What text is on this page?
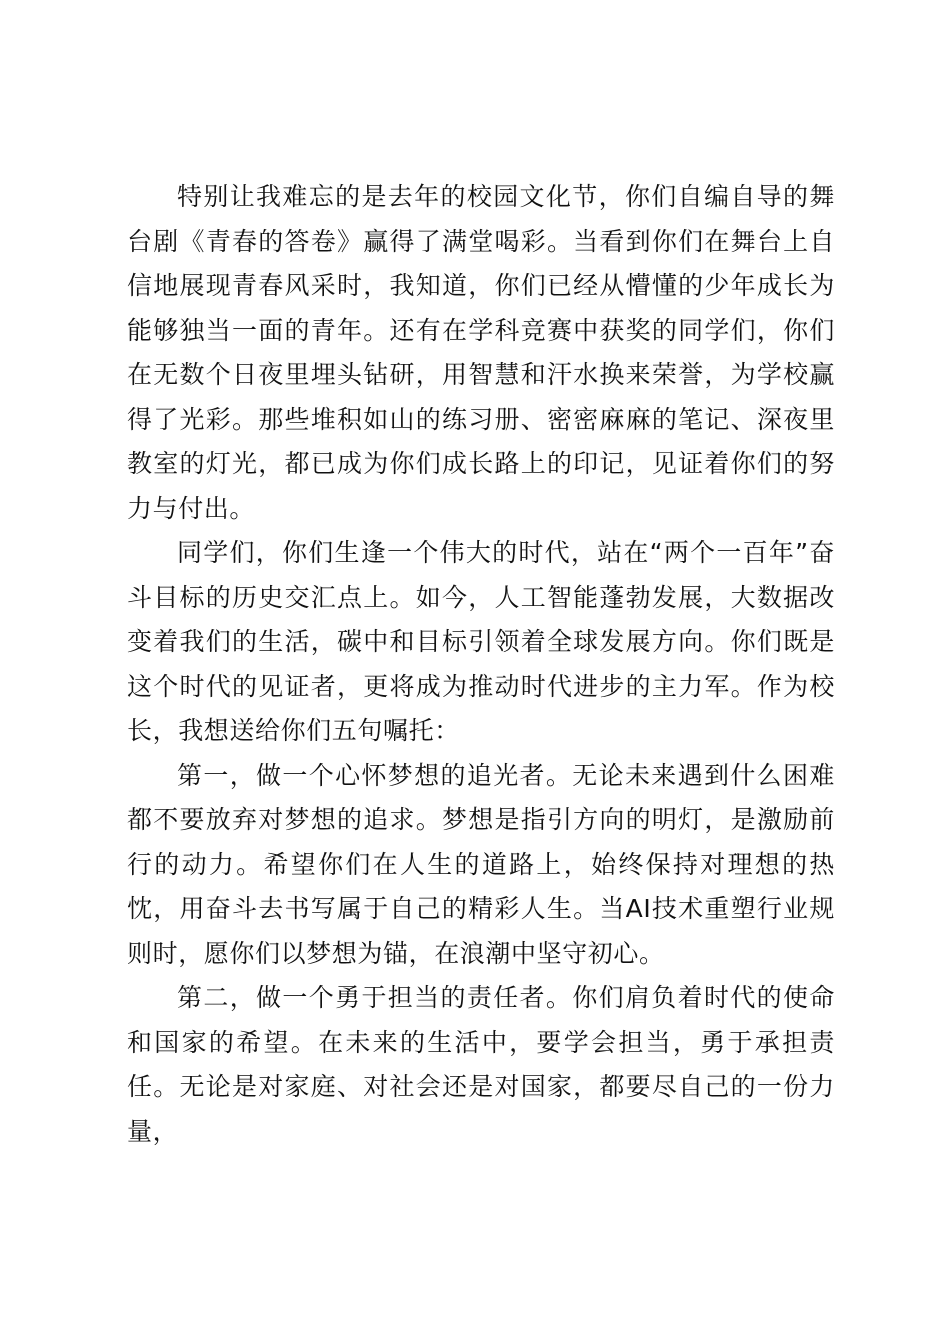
特别让我难忘的是去年的校园文化节，你们自编自导的舞台剧《青春的答卷》赢得了满堂喝彩。当看到你们在舞台上自信地展现青春风采时，我知道，你们已经从懵懂的少年成长为能够独当一面的青年。还有在学科竞赛中获奖的同学们，你们在无数个日夜里埋头钻研，用智慧和汗水换来荣誉，为学校赢得了光彩。那些堆积如山的练习册、密密麻麻的笔记、深夜里教室的灯光，都已成为你们成长路上的印记，见证着你们的努力与付出。

同学们，你们生逢一个伟大的时代，站在“两个一百年”奋斗目标的历史交汇点上。如今，人工智能蓬勃发展，大数据改变着我们的生活，碳中和目标引领着全球发展方向。你们既是这个时代的见证者，更将成为推动时代进步的主力军。作为校长，我想送给你们五句嘱托：

第一，做一个心怀梦想的追光者。无论未来遇到什么困难都不要放弃对梦想的追求。梦想是指引方向的明灯，是激励前行的动力。希望你们在人生的道路上，始终保持对理想的热忱，用奋斗去书写属于自己的精彩人生。当AI技术重塑行业规则时，愿你们以梦想为锚，在浪潮中坚守初心。

第二，做一个勇于担当的责任者。你们肩负着时代的使命和国家的希望。在未来的生活中，要学会担当，勇于承担责任。无论是对家庭、对社会还是对国家，都要尽自己的一份力量，
